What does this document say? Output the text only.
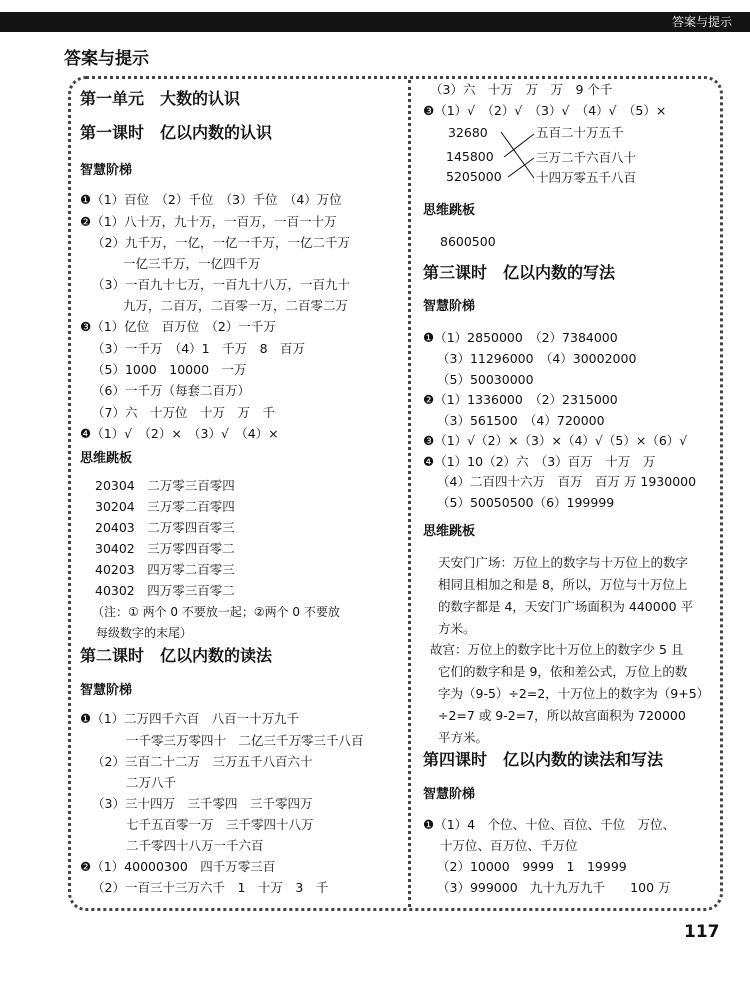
答案与提示
答案与提示
第一单元　大数的认识
第一课时　亿以内数的认识
智慧阶梯
❶（1）百位　（2）千位　（3）千位　（4）万位
❷（1）八十万，九十万，一百万，一百一十万
（2）九千万，一亿，一亿一千万，一亿二千万
一亿三千万，一亿四千万
（3）一百九十七万，一百九十八万，一百九十
九万，二百万，二百零一万，二百零二万
❸（1）亿位　百万位　（2）一千万
（3）一千万　（4）1　千万　8　百万
（5）1000　10000　一万
（6）一千万（每套二百万）
（7）六　十万位　十万　万　千
❹（1）√　（2）×　（3）√　（4）×
思维跳板
20304　二万零三百零四
30204　三万零二百零四
20403　二万零四百零三
30402　三万零四百零二
40203　四万零二百零三
40302　四万零三百零二
（注：① 两个 0 不要放一起；②两个 0 不要放
每级数字的末尾）
第二课时　亿以内数的读法
智慧阶梯
❶（1）二万四千六百　八百一十万九千
一千零三万零四十　二亿三千万零三千八百
（2）三百二十二万　三万五千八百六十
二万八千
（3）三十四万　三千零四　三千零四万
七千五百零一万　三千零四十八万
二千零四十八万一千六百
❷（1）40000300　四千万零三百
（2）一百三十三万六千　1　十万　3　千
（3）六　十万　万　万　9 个千
❸（1）√　（2）√　（3）√　（4）√　（5）×
32680
145800
5205000
五百二十万五千
三万二千六百八十
十四万零五千八百
思维跳板
8600500
第三课时　亿以内数的写法
智慧阶梯
❶（1）2850000　（2）7384000
（3）11296000　（4）30002000
（5）50030000
❷（1）1336000　（2）2315000
（3）561500　（4）720000
❸（1）√（2）×（3）×（4）√（5）×（6）√
❹（1）10（2）六　（3）百万　十万　万
（4）二百四十六万　百万　百万 万 1930000
（5）50050500（6）199999
思维跳板
天安门广场：万位上的数字与十万位上的数字
相同且相加之和是 8，所以，万位与十万位上
的数字都是 4，天安门广场面积为 440000 平
方米。
故宫：万位上的数字比十万位上的数字少 5 且
它们的数字和是 9，依和差公式，万位上的数
字为（9-5）÷2=2，十万位上的数字为（9+5）
÷2=7 或 9-2=7，所以故宫面积为 720000
平方米。
第四课时　亿以内数的读法和写法
智慧阶梯
❶（1）4　个位、十位、百位、千位　万位、
十万位、百万位、千万位
（2）10000　9999　1　19999
（3）999000　九十九万九千　　100 万
117
